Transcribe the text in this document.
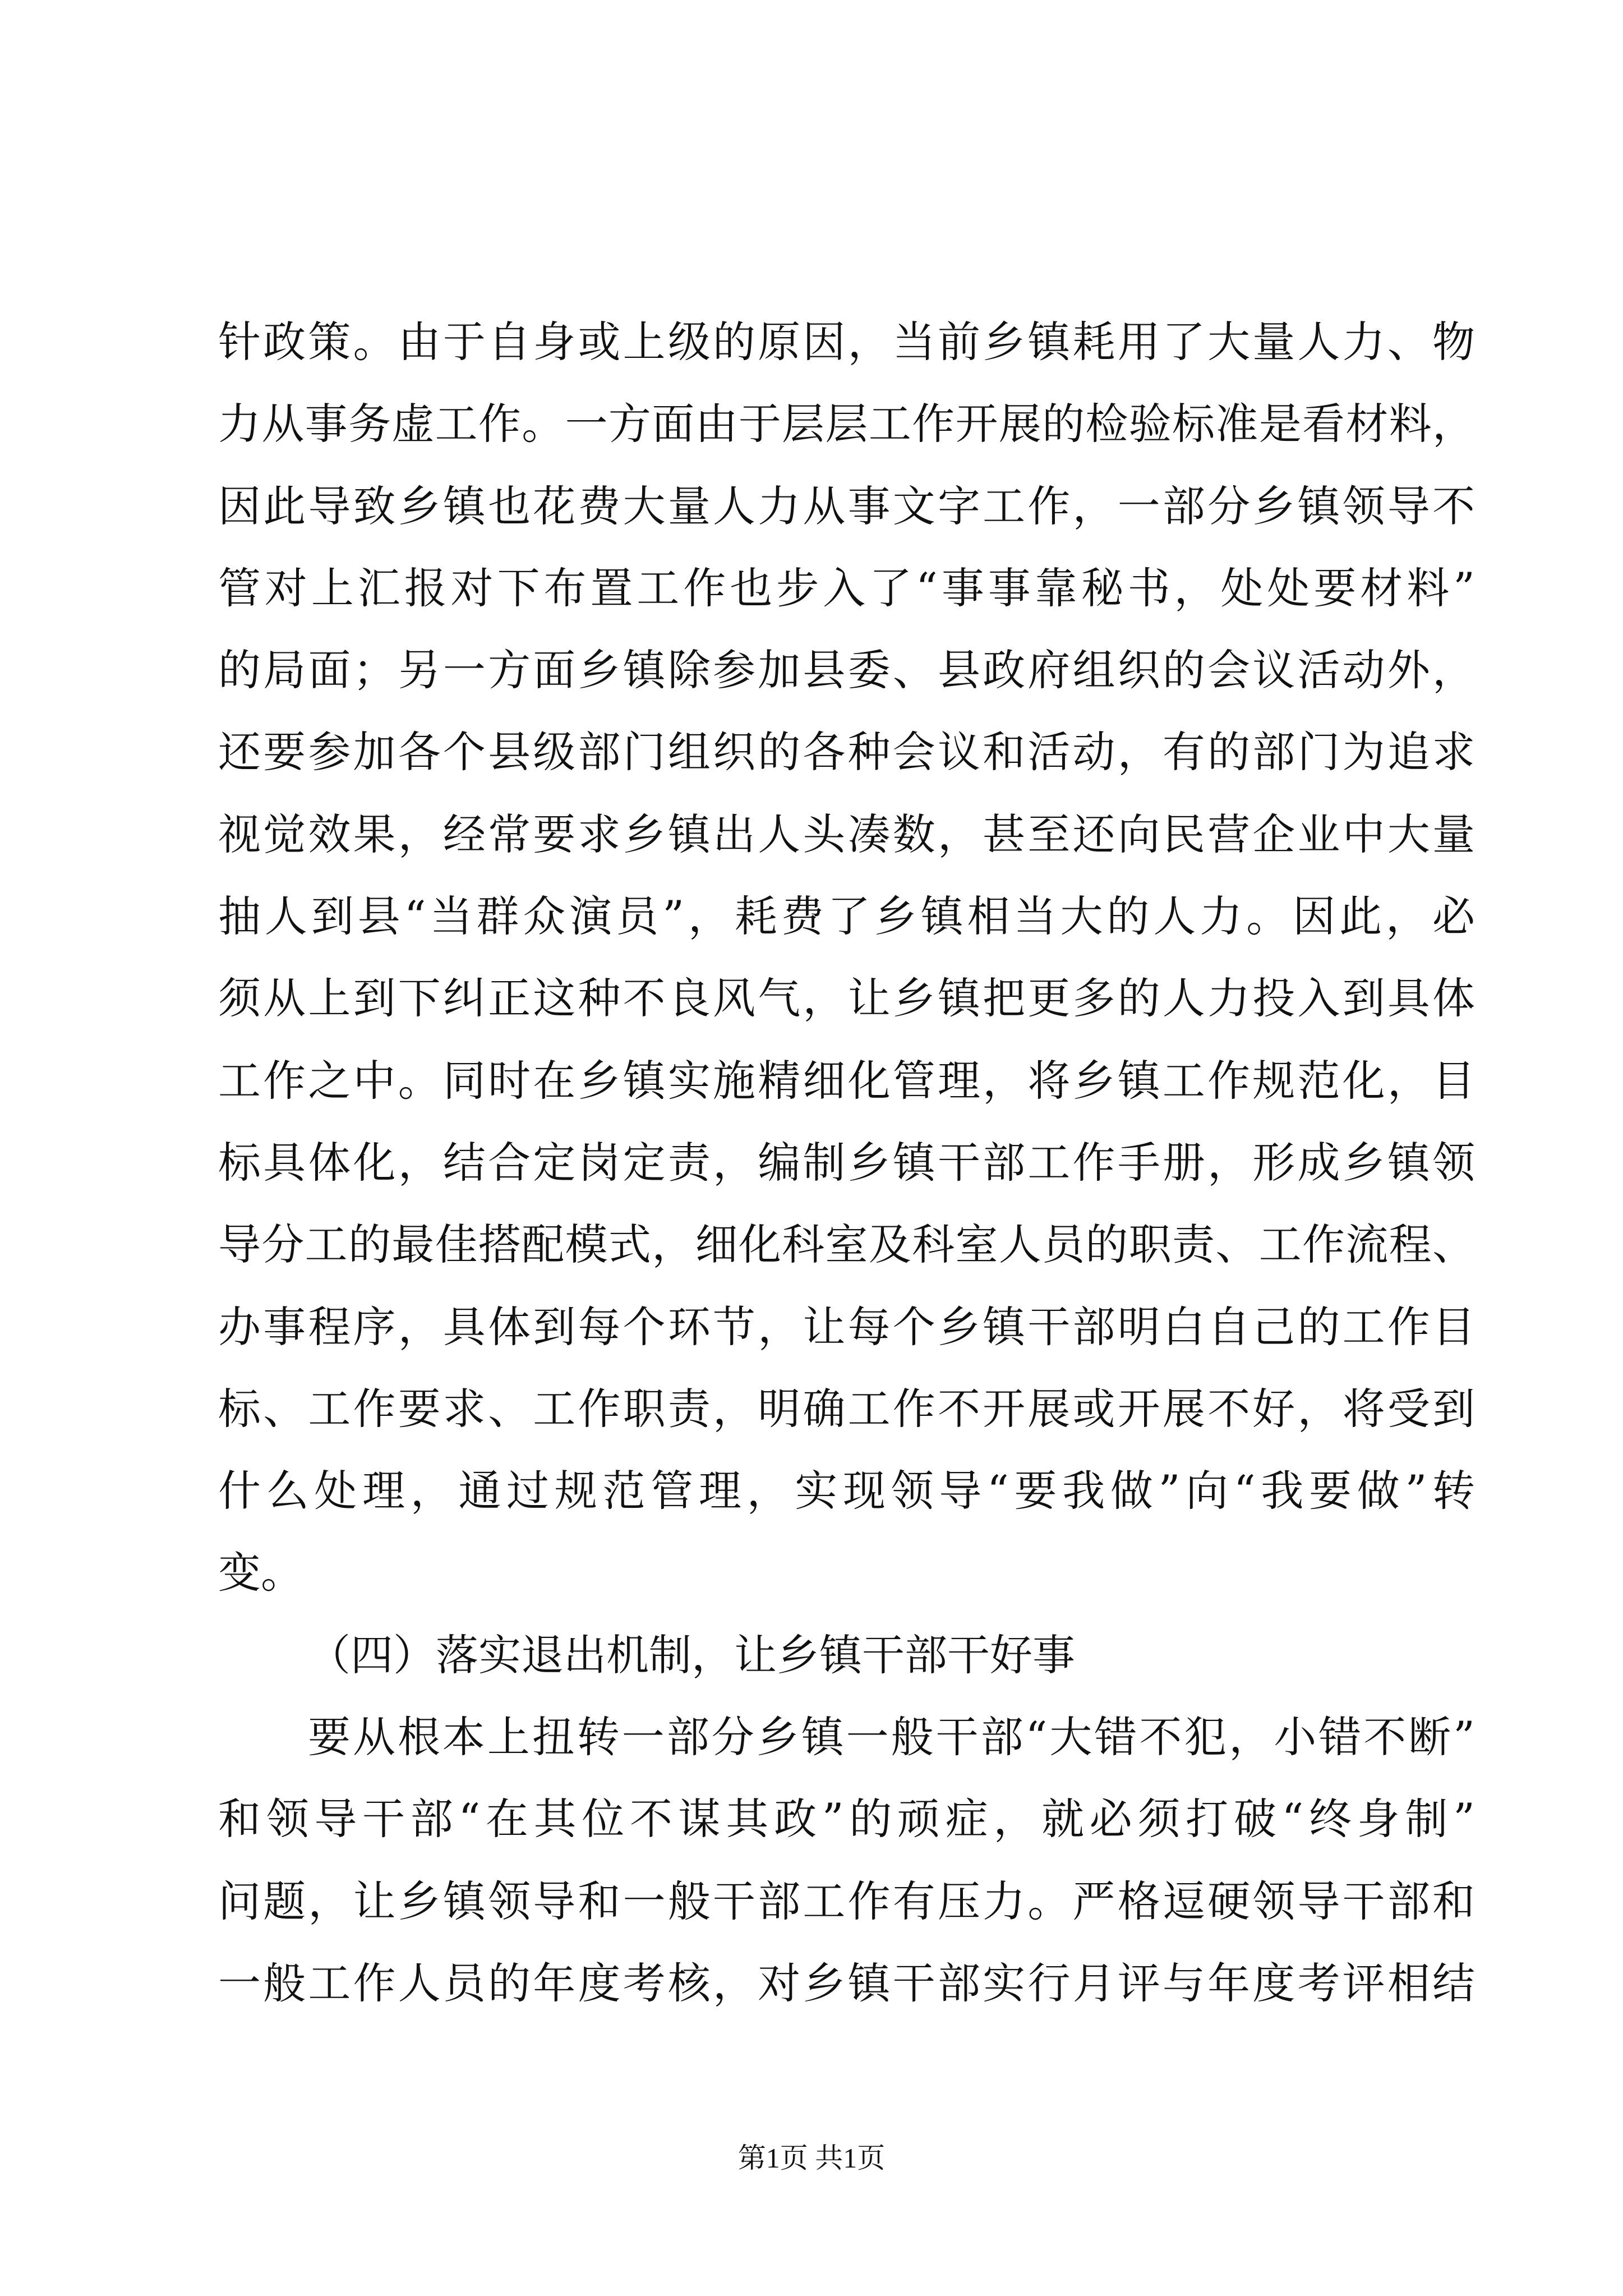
针政策。由于自身或上级的原因，当前乡镇耗用了大量人力、物
力从事务虚工作。一方面由于层层工作开展的检验标准是看材料，
因此导致乡镇也花费大量人力从事文字工作，一部分乡镇领导不
管对上汇报对下布置工作也步入了“事事靠秘书，处处要材料”
的局面；另一方面乡镇除参加县委、县政府组织的会议活动外，
还要参加各个县级部门组织的各种会议和活动，有的部门为追求
视觉效果，经常要求乡镇出人头凑数，甚至还向民营企业中大量
抽人到县“当群众演员”，耗费了乡镇相当大的人力。因此，必
须从上到下纠正这种不良风气，让乡镇把更多的人力投入到具体
工作之中。同时在乡镇实施精细化管理，将乡镇工作规范化，目
标具体化，结合定岗定责，编制乡镇干部工作手册，形成乡镇领
导分工的最佳搭配模式，细化科室及科室人员的职责、工作流程、
办事程序，具体到每个环节，让每个乡镇干部明白自己的工作目
标、工作要求、工作职责，明确工作不开展或开展不好，将受到
什么处理，通过规范管理，实现领导“要我做”向“我要做”转
变。
（四）落实退出机制，让乡镇干部干好事
要从根本上扭转一部分乡镇一般干部“大错不犯，小错不断”
和领导干部“在其位不谋其政”的顽症，就必须打破“终身制”
问题，让乡镇领导和一般干部工作有压力。严格逗硬领导干部和
一般工作人员的年度考核，对乡镇干部实行月评与年度考评相结
第1页 共1页
